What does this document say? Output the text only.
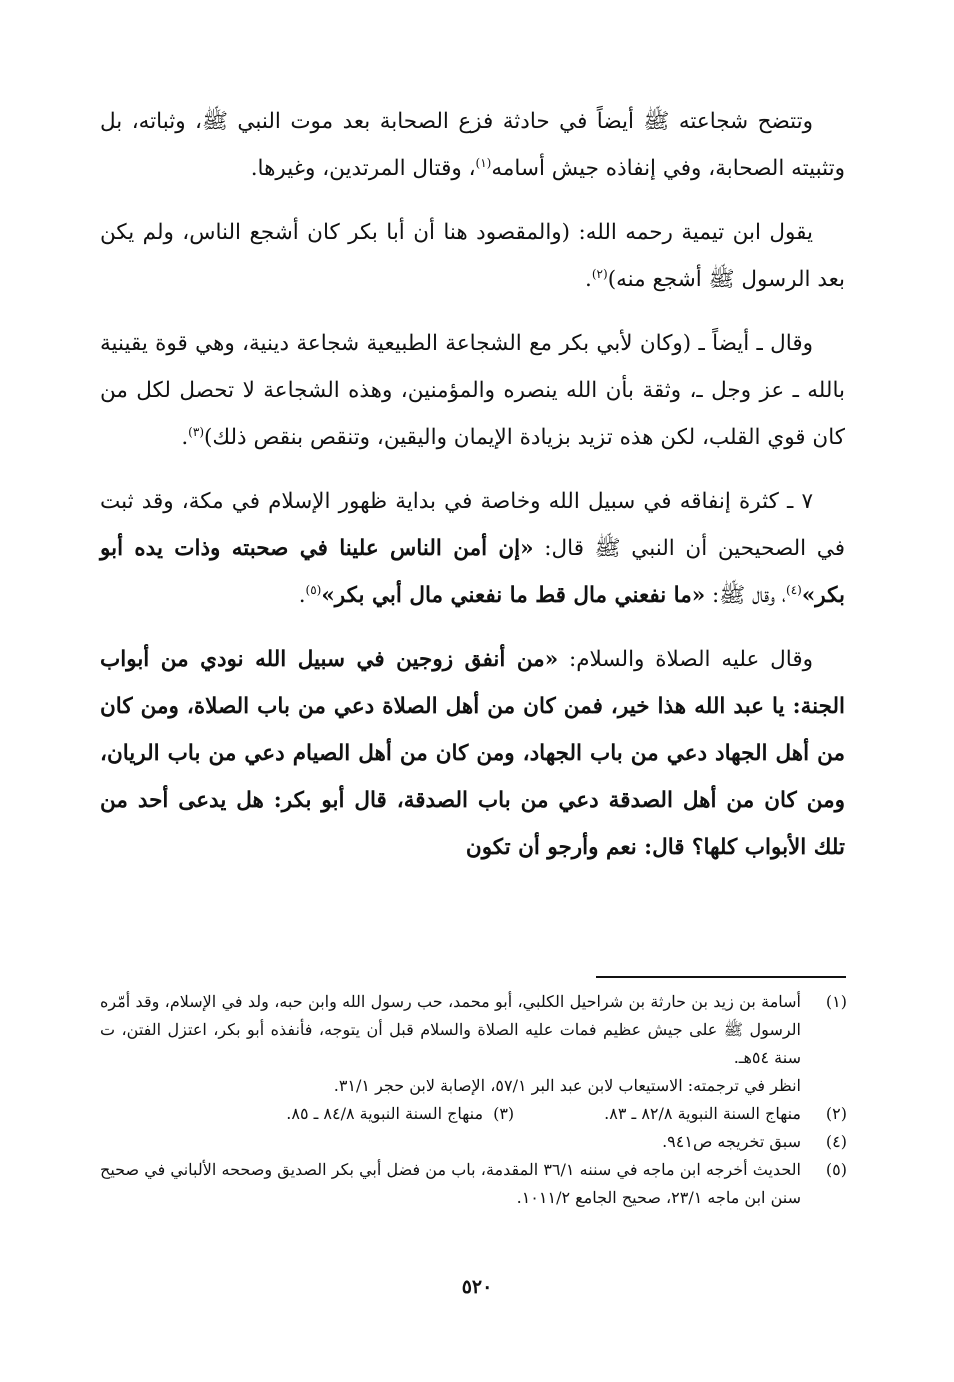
وتتضح شجاعته ﷺ أيضاً في حادثة فزع الصحابة بعد موت النبي ﷺ، وثباته، بل وتثبيته الصحابة، وفي إنفاذه جيش أسامه$^{(١)}$، وقتال المرتدين، وغيرها.

يقول ابن تيمية رحمه الله: (والمقصود هنا أن أبا بكر كان أشجع الناس، ولم يكن بعد الرسول ﷺ أشجع منه)$^{(٢)}$.

وقال ـ أيضاً ـ (وكان لأبي بكر مع الشجاعة الطبيعية شجاعة دينية، وهي قوة يقينية بالله ـ عز وجل ـ، وثقة بأن الله ينصره والمؤمنين، وهذه الشجاعة لا تحصل لكل من كان قوي القلب، لكن هذه تزيد بزيادة الإيمان واليقين، وتنقص بنقص ذلك)$^{(٣)}$.

٧ ـ كثرة إنفاقه في سبيل الله وخاصة في بداية ظهور الإسلام في مكة، وقد ثبت في الصحيحين أن النبي ﷺ قال: «إن أمن الناس علينا في صحبته وذات يده أبو بكر»$^{(٤)}$، وقال ﷺ: «ما نفعني مال قط ما نفعني مال أبي بكر»$^{(٥)}$.

وقال عليه الصلاة والسلام: «من أنفق زوجين في سبيل الله نودي من أبواب الجنة: يا عبد الله هذا خير، فمن كان من أهل الصلاة دعي من باب الصلاة، ومن كان من أهل الجهاد دعي من باب الجهاد، ومن كان من أهل الصيام دعي من باب الريان، ومن كان من أهل الصدقة دعي من باب الصدقة، قال أبو بكر: هل يدعى أحد من تلك الأبواب كلها؟ قال: نعم وأرجو أن تكون

(١)
أسامة بن زيد بن حارثة بن شراحيل الكلبي، أبو محمد، حب رسول الله وابن حبه، ولد في الإسلام، وقد أمّره الرسول ﷺ على جيش عظيم فمات عليه الصلاة والسلام قبل أن يتوجه، فأنفذه أبو بكر، اعتزل الفتن، ت سنة ٥٤هـ.
انظر في ترجمته: الاستيعاب لابن عبد البر ٥٧/١، الإصابة لابن حجر ٣١/١.
(٢)
منهاج السنة النبوية ٨٢/٨ ـ ٨٣.
(٣)
منهاج السنة النبوية ٨٤/٨ ـ ٨٥.
(٤)
سبق تخريجه ص٩٤١.
(٥)
الحديث أخرجه ابن ماجه في سننه ٣٦/١ المقدمة، باب من فضل أبي بكر الصديق وصححه الألباني في صحيح سنن ابن ماجه ٢٣/١، صحيح الجامع ١٠١١/٢.
٥٢٠
